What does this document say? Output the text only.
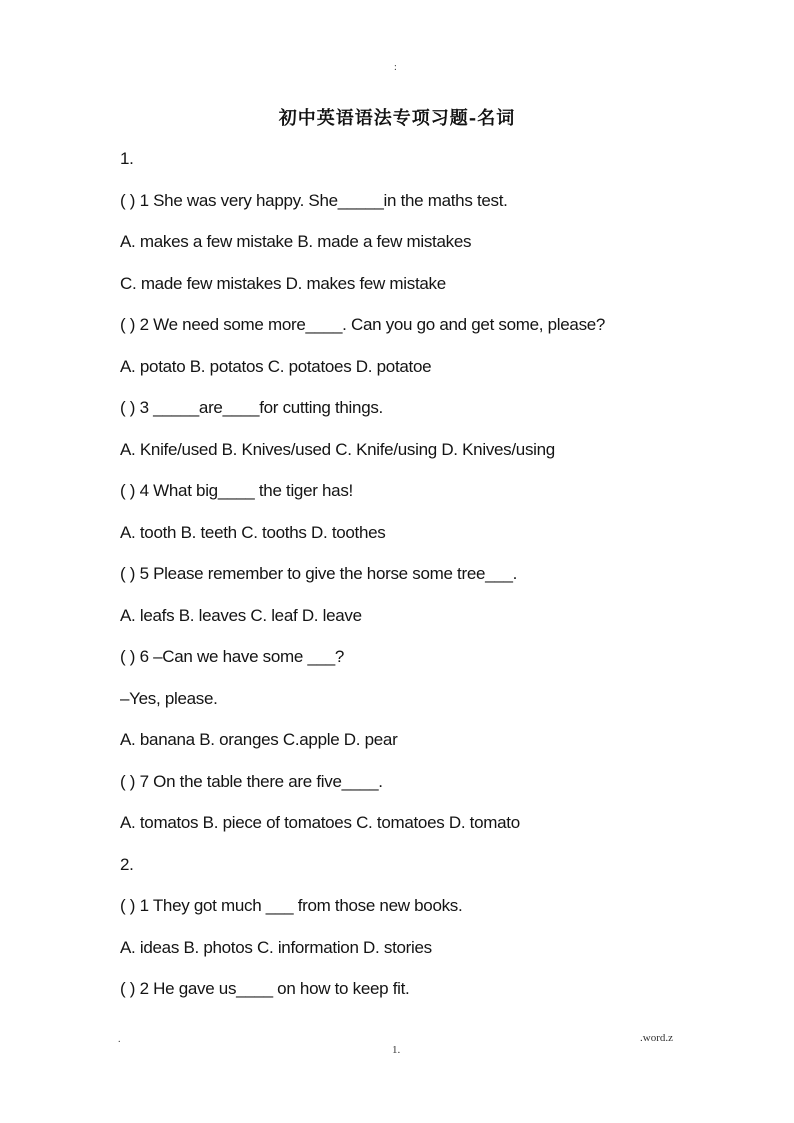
:
初中英语语法专项习题-名词
1.
( ) 1 She was very happy. She_____in the maths test.
A. makes a few mistake B. made a few mistakes
C. made few mistakes D. makes few mistake
( ) 2 We need some more____. Can you go and get some, please?
A. potato B. potatos C. potatoes D. potatoe
( ) 3 _____are____for cutting things.
A. Knife/used B. Knives/used C. Knife/using D. Knives/using
( ) 4 What big____ the tiger has!
A. tooth B. teeth C. tooths D. toothes
( ) 5 Please remember to give the horse some tree___.
A. leafs B. leaves C. leaf D. leave
( ) 6 –Can we have some ___?
–Yes, please.
A. banana B. oranges C.apple D. pear
( ) 7 On the table there are five____.
A. tomatos B. piece of tomatoes C. tomatoes D. tomato
2.
( ) 1 They got much ___ from those new books.
A. ideas B. photos C. information D. stories
( ) 2 He gave us____ on how to keep fit.
.	.word.z
1.
